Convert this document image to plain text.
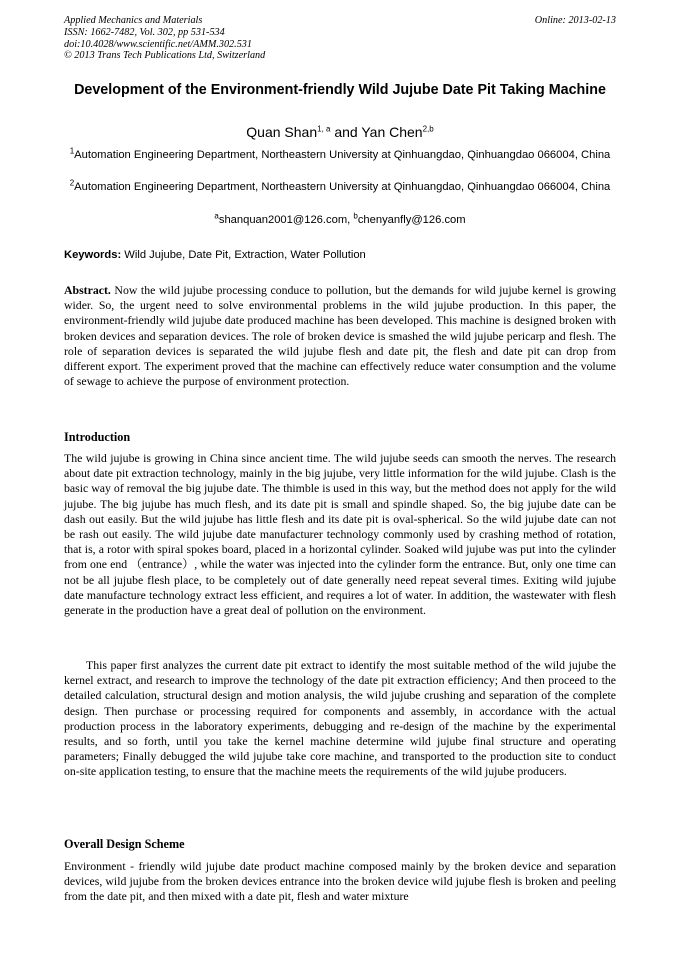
Applied Mechanics and Materials
ISSN: 1662-7482, Vol. 302, pp 531-534
doi:10.4028/www.scientific.net/AMM.302.531
© 2013 Trans Tech Publications Ltd, Switzerland
Online: 2013-02-13
Development of the Environment-friendly Wild Jujube Date Pit Taking Machine
Quan Shan$^{1, a}$ and Yan Chen$^{2,b}$
$^1$Automation Engineering Department, Northeastern University at Qinhuangdao, Qinhuangdao 066004, China
$^2$Automation Engineering Department, Northeastern University at Qinhuangdao, Qinhuangdao 066004, China
$^a$shanquan2001@126.com, $^b$chenyanfly@126.com
Keywords: Wild Jujube, Date Pit, Extraction, Water Pollution

Abstract. Now the wild jujube processing conduce to pollution, but the demands for wild jujube kernel is growing wider. So, the urgent need to solve environmental problems in the wild jujube production. In this paper, the environment-friendly wild jujube date produced machine has been developed. This machine is designed broken with broken devices and separation devices. The role of broken device is smashed the wild jujube pericarp and flesh. The role of separation devices is separated the wild jujube flesh and date pit, the flesh and date pit can drop from different export. The experiment proved that the machine can effectively reduce water consumption and the volume of sewage to achieve the purpose of environment protection.

Introduction

The wild jujube is growing in China since ancient time. The wild jujube seeds can smooth the nerves. The research about date pit extraction technology, mainly in the big jujube, very little information for the wild jujube. Clash is the basic way of removal the big jujube date. The thimble is used in this way, but the method does not apply for the wild jujube. The big jujube has much flesh, and its date pit is small and spindle shaped. So, the big jujube date can be dash out easily. But the wild jujube has little flesh and its date pit is oval-spherical. So the wild jujube date can not be rash out easily. The wild jujube date manufacturer technology commonly used by crashing method of rotation, that is, a rotor with spiral spokes board, placed in a horizontal cylinder. Soaked wild jujube was put into the cylinder from one end （entrance）, while the water was injected into the cylinder form the entrance. But, only one time can not be all jujube flesh place, to be completely out of date generally need repeat several times. Exiting wild jujube date manufacture technology extract less efficient, and requires a lot of water. In addition, the wastewater with flesh generate in the production have a great deal of pollution on the environment.

This paper first analyzes the current date pit extract to identify the most suitable method of the wild jujube the kernel extract, and research to improve the technology of the date pit extraction efficiency; And then proceed to the detailed calculation, structural design and motion analysis, the wild jujube crushing and separation of the complete design. Then purchase or processing required for components and assembly, in accordance with the actual production process in the laboratory experiments, debugging and re-design of the machine by the experimental results, and so forth, until you take the kernel machine determine wild jujube final structure and operating parameters; Finally debugged the wild jujube take core machine, and transported to the production site to conduct on-site application testing, to ensure that the machine meets the requirements of the wild jujube producers.

Overall Design Scheme

Environment - friendly wild jujube date product machine composed mainly by the broken device and separation devices, wild jujube from the broken devices entrance into the broken device wild jujube flesh is broken and peeling from the date pit, and then mixed with a date pit, flesh and water mixture
